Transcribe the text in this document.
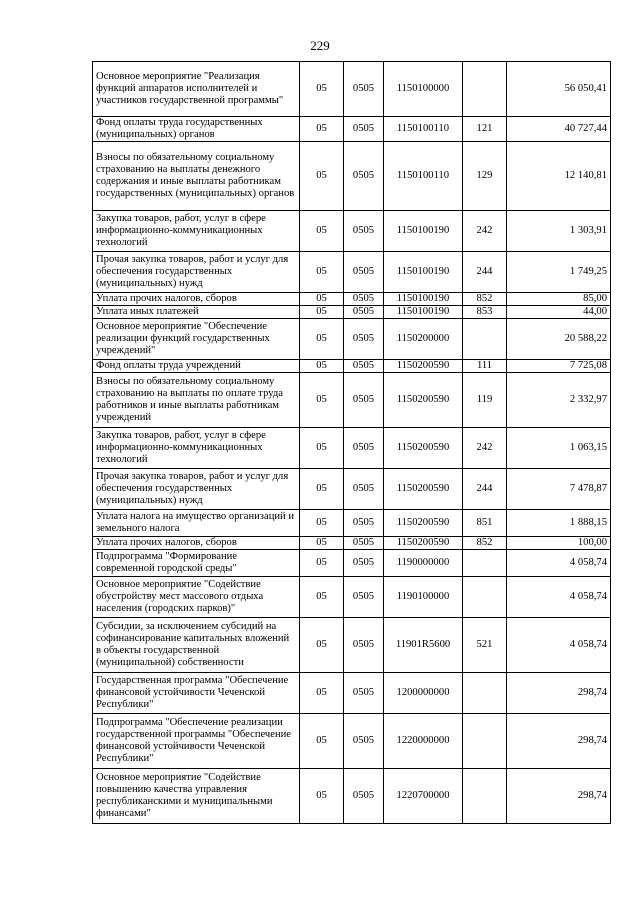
229
Основное мероприятие "Реализация функций аппаратов исполнителей и участников государственной программы"	05	0505	1150100000		56 050,41
Фонд оплаты труда государственных (муниципальных) органов	05	0505	1150100110	121	40 727,44
Взносы по обязательному социальному страхованию на выплаты денежного содержания и иные выплаты работникам государственных (муниципальных) органов	05	0505	1150100110	129	12 140,81
Закупка товаров, работ, услуг в сфере информационно-коммуникационных технологий	05	0505	1150100190	242	1 303,91
Прочая закупка товаров, работ и услуг для обеспечения государственных (муниципальных) нужд	05	0505	1150100190	244	1 749,25
Уплата прочих налогов, сборов	05	0505	1150100190	852	85,00
Уплата иных платежей	05	0505	1150100190	853	44,00
Основное мероприятие "Обеспечение реализации функций государственных учреждений"	05	0505	1150200000		20 588,22
Фонд оплаты труда учреждений	05	0505	1150200590	111	7 725,08
Взносы по обязательному социальному страхованию на выплаты по оплате труда работников и иные выплаты работникам учреждений	05	0505	1150200590	119	2 332,97
Закупка товаров, работ, услуг в сфере информационно-коммуникационных технологий	05	0505	1150200590	242	1 063,15
Прочая закупка товаров, работ и услуг для обеспечения государственных (муниципальных) нужд	05	0505	1150200590	244	7 478,87
Уплата налога на имущество организаций и земельного налога	05	0505	1150200590	851	1 888,15
Уплата прочих налогов, сборов	05	0505	1150200590	852	100,00
Подпрограмма "Формирование современной городской среды"	05	0505	1190000000		4 058,74
Основное мероприятие "Содействие обустройству мест массового отдыха населения (городских парков)"	05	0505	1190100000		4 058,74
Субсидии, за исключением субсидий на софинансирование капитальных вложений в объекты государственной (муниципальной) собственности	05	0505	11901R5600	521	4 058,74
Государственная программа "Обеспечение финансовой устойчивости Чеченской Республики"	05	0505	1200000000		298,74
Подпрограмма "Обеспечение реализации государственной программы "Обеспечение финансовой устойчивости Чеченской Республики"	05	0505	1220000000		298,74
Основное мероприятие "Содействие повышению качества управления республиканскими и муниципальными финансами"	05	0505	1220700000		298,74
